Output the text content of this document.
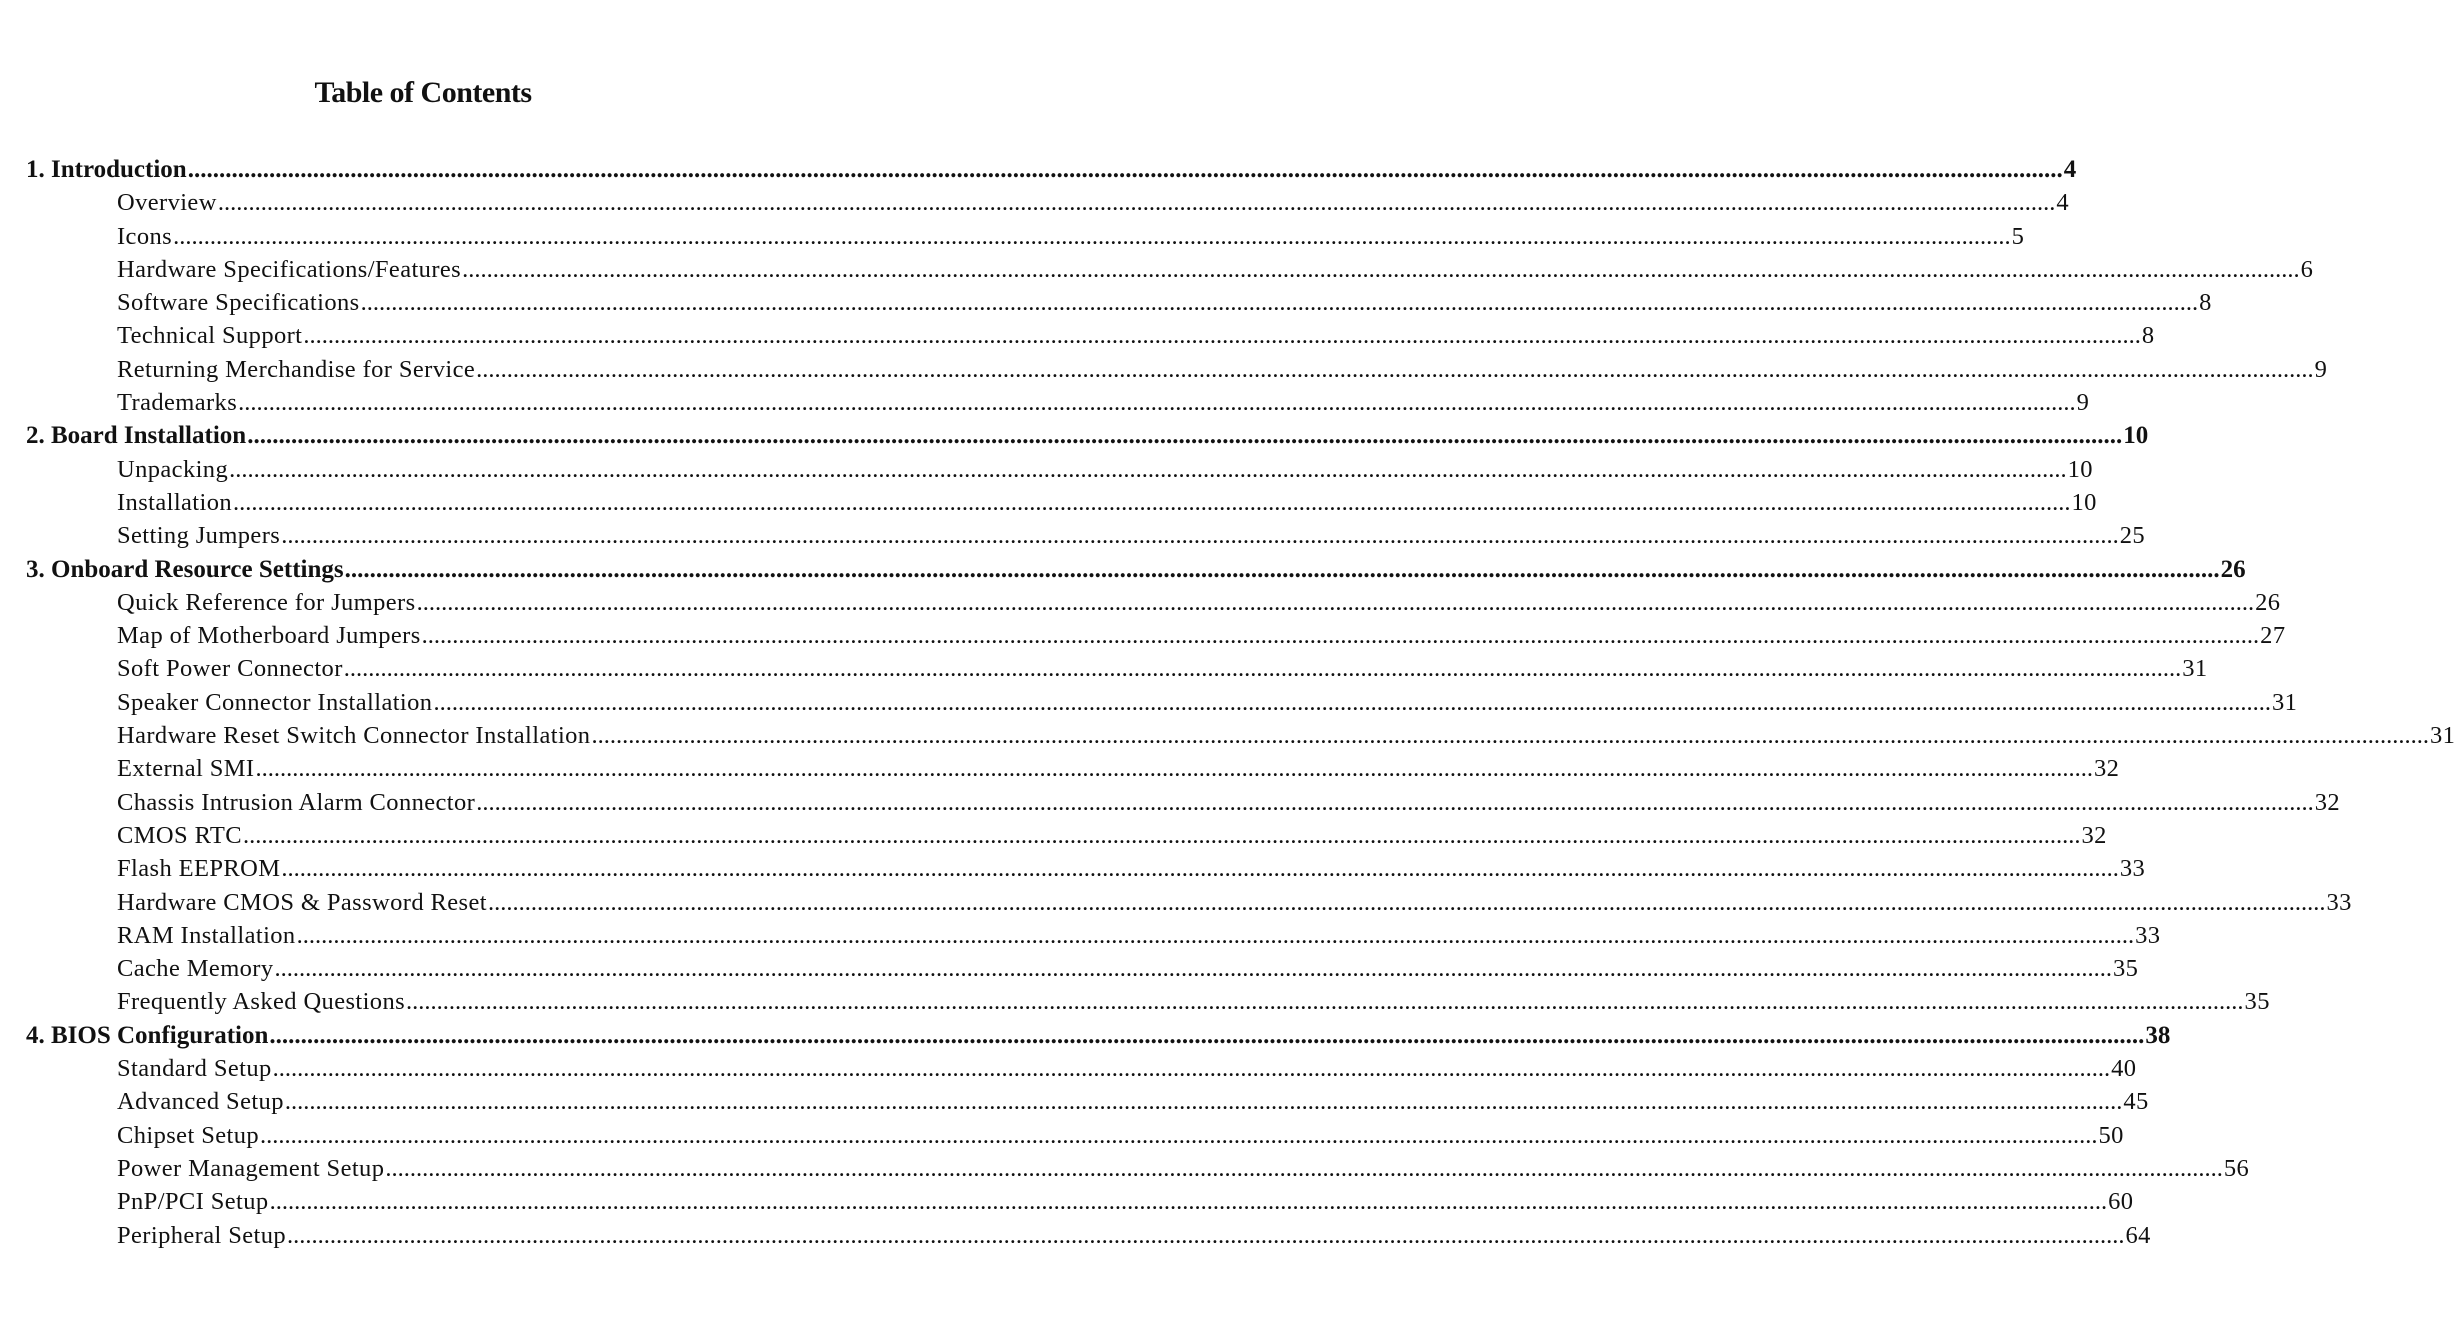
Table of Contents
1. Introduction ............................................................................................................................................................................................................................................................................................................ 4
Overview ............................................................................................................................................................................................................................................................................................................ 4
Icons ............................................................................................................................................................................................................................................................................................................ 5
Hardware Specifications/Features ............................................................................................................................................................................................................................................................................................................ 6
Software Specifications ............................................................................................................................................................................................................................................................................................................ 8
Technical Support ............................................................................................................................................................................................................................................................................................................ 8
Returning Merchandise for Service ............................................................................................................................................................................................................................................................................................................ 9
Trademarks ............................................................................................................................................................................................................................................................................................................ 9
2. Board Installation ............................................................................................................................................................................................................................................................................................................ 10
Unpacking ............................................................................................................................................................................................................................................................................................................ 10
Installation ............................................................................................................................................................................................................................................................................................................ 10
Setting Jumpers ............................................................................................................................................................................................................................................................................................................ 25
3. Onboard Resource Settings ............................................................................................................................................................................................................................................................................................................ 26
Quick Reference for Jumpers ............................................................................................................................................................................................................................................................................................................ 26
Map of Motherboard Jumpers ............................................................................................................................................................................................................................................................................................................ 27
Soft Power Connector ............................................................................................................................................................................................................................................................................................................ 31
Speaker Connector Installation ............................................................................................................................................................................................................................................................................................................ 31
Hardware Reset Switch Connector Installation ............................................................................................................................................................................................................................................................................................................ 31
External SMI ............................................................................................................................................................................................................................................................................................................ 32
Chassis Intrusion Alarm Connector ............................................................................................................................................................................................................................................................................................................ 32
CMOS RTC ............................................................................................................................................................................................................................................................................................................ 32
Flash EEPROM ............................................................................................................................................................................................................................................................................................................ 33
Hardware CMOS & Password Reset ............................................................................................................................................................................................................................................................................................................ 33
RAM Installation ............................................................................................................................................................................................................................................................................................................ 33
Cache Memory ............................................................................................................................................................................................................................................................................................................ 35
Frequently Asked Questions ............................................................................................................................................................................................................................................................................................................ 35
4. BIOS Configuration ............................................................................................................................................................................................................................................................................................................ 38
Standard Setup ............................................................................................................................................................................................................................................................................................................ 40
Advanced Setup ............................................................................................................................................................................................................................................................................................................ 45
Chipset Setup ............................................................................................................................................................................................................................................................................................................ 50
Power Management Setup ............................................................................................................................................................................................................................................................................................................ 56
PnP/PCI Setup ............................................................................................................................................................................................................................................................................................................ 60
Peripheral Setup ............................................................................................................................................................................................................................................................................................................ 64
